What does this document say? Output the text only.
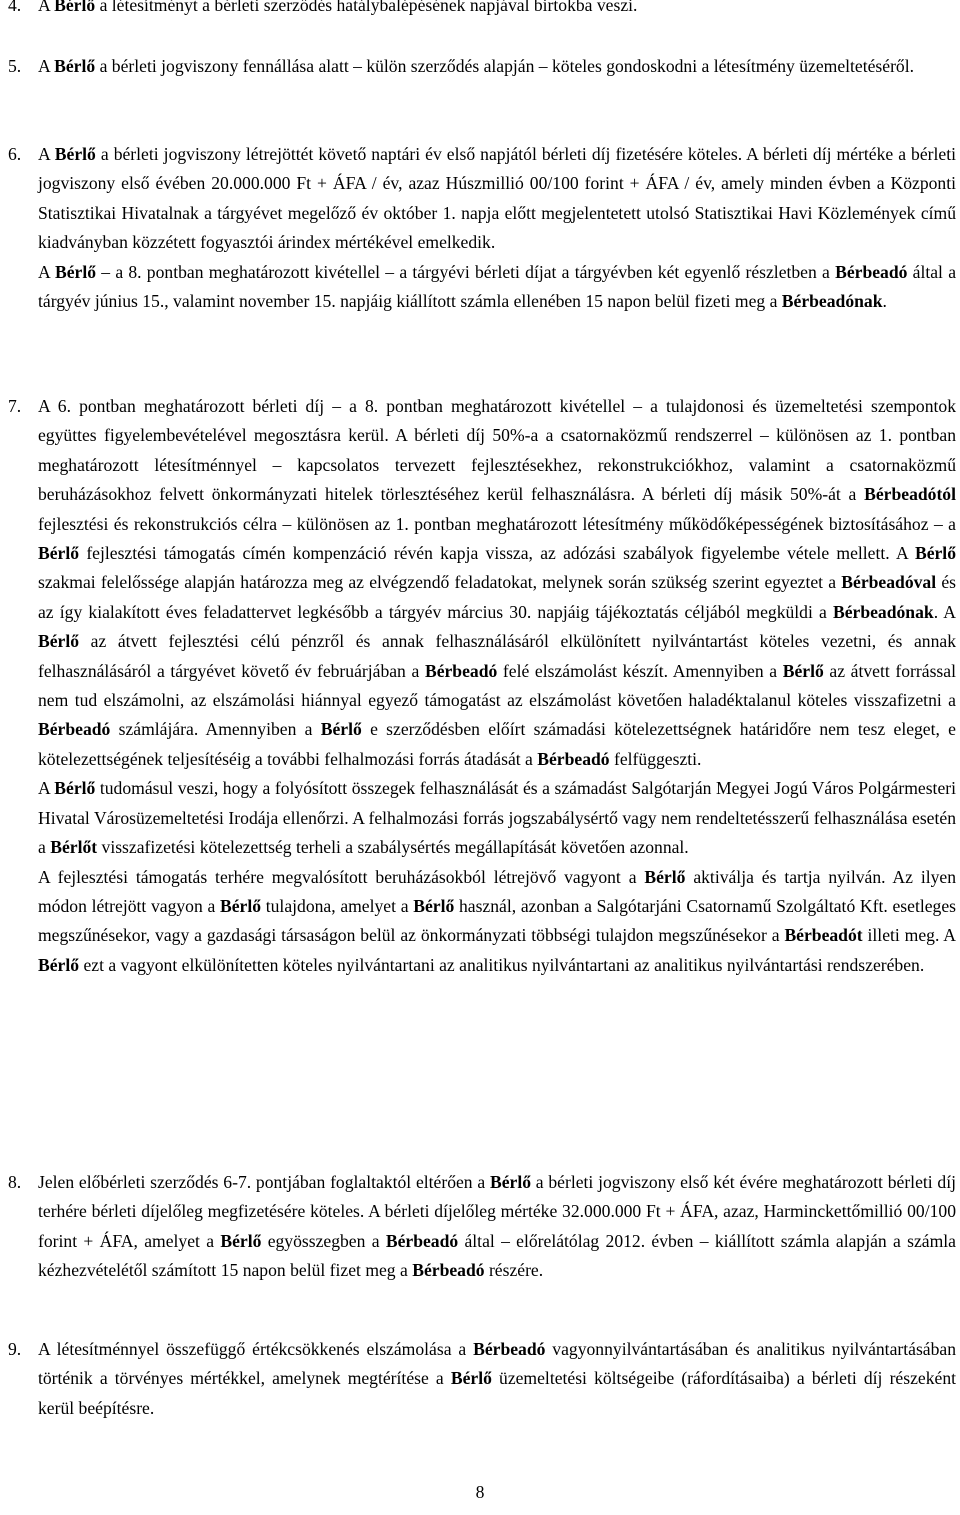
4. A Bérlő a létesítményt a bérleti szerződés hatálybalépésének napjával birtokba veszi.

5. A Bérlő a bérleti jogviszony fennállása alatt – külön szerződés alapján – köteles gondoskodni a létesítmény üzemeltetéséről.

6. A Bérlő a bérleti jogviszony létrejöttét követő naptári év első napjától bérleti díj fizetésére köteles. A bérleti díj mértéke a bérleti jogviszony első évében 20.000.000 Ft + ÁFA / év, azaz Húszmillió 00/100 forint + ÁFA / év, amely minden évben a Központi Statisztikai Hivatalnak a tárgyévet megelőző év október 1. napja előtt megjelentetett utolsó Statisztikai Havi Közlemények című kiadványban közzétett fogyasztói árindex mértékével emelkedik.

A Bérlő – a 8. pontban meghatározott kivétellel – a tárgyévi bérleti díjat a tárgyévben két egyenlő részletben a Bérbeadó által a tárgyév június 15., valamint november 15. napjáig kiállított számla ellenében 15 napon belül fizeti meg a Bérbeadónak.

7. A 6. pontban meghatározott bérleti díj – a 8. pontban meghatározott kivétellel – a tulajdonosi és üzemeltetési szempontok együttes figyelembevételével megosztásra kerül. A bérleti díj 50%-a a csatornaközmű rendszerrel – különösen az 1. pontban meghatározott létesítménnyel – kapcsolatos tervezett fejlesztésekhez, rekonstrukciókhoz, valamint a csatornaközmű beruházásokhoz felvett önkormányzati hitelek törlesztéséhez kerül felhasználásra. A bérleti díj másik 50%-át a Bérbeadótól fejlesztési és rekonstrukciós célra – különösen az 1. pontban meghatározott létesítmény működőképességének biztosításához – a Bérlő fejlesztési támogatás címén kompenzáció révén kapja vissza, az adózási szabályok figyelembe vétele mellett. A Bérlő szakmai felelőssége alapján határozza meg az elvégzendő feladatokat, melynek során szükség szerint egyeztet a Bérbeadóval és az így kialakított éves feladattervet legkésőbb a tárgyév március 30. napjáig tájékoztatás céljából megküldi a Bérbeadónak. A Bérlő az átvett fejlesztési célú pénzről és annak felhasználásáról elkülönített nyilvántartást köteles vezetni, és annak felhasználásáról a tárgyévet követő év februárjában a Bérbeadó felé elszámolást készít. Amennyiben a Bérlő az átvett forrással nem tud elszámolni, az elszámolási hiánnyal egyező támogatást az elszámolást követően haladéktalanul köteles visszafizetni a Bérbeadó számlájára. Amennyiben a Bérlő e szerződésben előírt számadási kötelezettségnek határidőre nem tesz eleget, e kötelezettségének teljesítéséig a további felhalmozási forrás átadását a Bérbeadó felfüggeszti.

A Bérlő tudomásul veszi, hogy a folyósított összegek felhasználását és a számadást Salgótarján Megyei Jogú Város Polgármesteri Hivatal Városüzemeltetési Irodája ellenőrzi. A felhalmozási forrás jogszabálysértő vagy nem rendeltetésszerű felhasználása esetén a Bérlőt visszafizetési kötelezettség terheli a szabálysértés megállapítását követően azonnal.

A fejlesztési támogatás terhére megvalósított beruházásokból létrejövő vagyont a Bérlő aktiválja és tartja nyilván. Az ilyen módon létrejött vagyon a Bérlő tulajdona, amelyet a Bérlő használ, azonban a Salgótarjáni Csatornamű Szolgáltató Kft. esetleges megszűnésekor, vagy a gazdasági társaságon belül az önkormányzati többségi tulajdon megszűnésekor a Bérbeadót illeti meg. A Bérlő ezt a vagyont elkülönítetten köteles nyilvántartani az analitikus nyilvántartani az analitikus nyilvántartási rendszerében.

8. Jelen előbérleti szerződés 6-7. pontjában foglaltaktól eltérően a Bérlő a bérleti jogviszony első két évére meghatározott bérleti díj terhére bérleti díjelőleg megfizetésére köteles. A bérleti díjelőleg mértéke 32.000.000 Ft + ÁFA, azaz, Harminckettőmillió 00/100 forint + ÁFA, amelyet a Bérlő egyösszegben a Bérbeadó által – előrelátólag 2012. évben – kiállított számla alapján a számla kézhezvételétől számított 15 napon belül fizet meg a Bérbeadó részére.

9. A létesítménnyel összefüggő értékcsökkenés elszámolása a Bérbeadó vagyonnyilvántartásában és analitikus nyilvántartásában történik a törvényes mértékkel, amelynek megtérítése a Bérlő üzemeltetési költségeibe (ráfordításaiba) a bérleti díj részeként kerül beépítésre.

8
